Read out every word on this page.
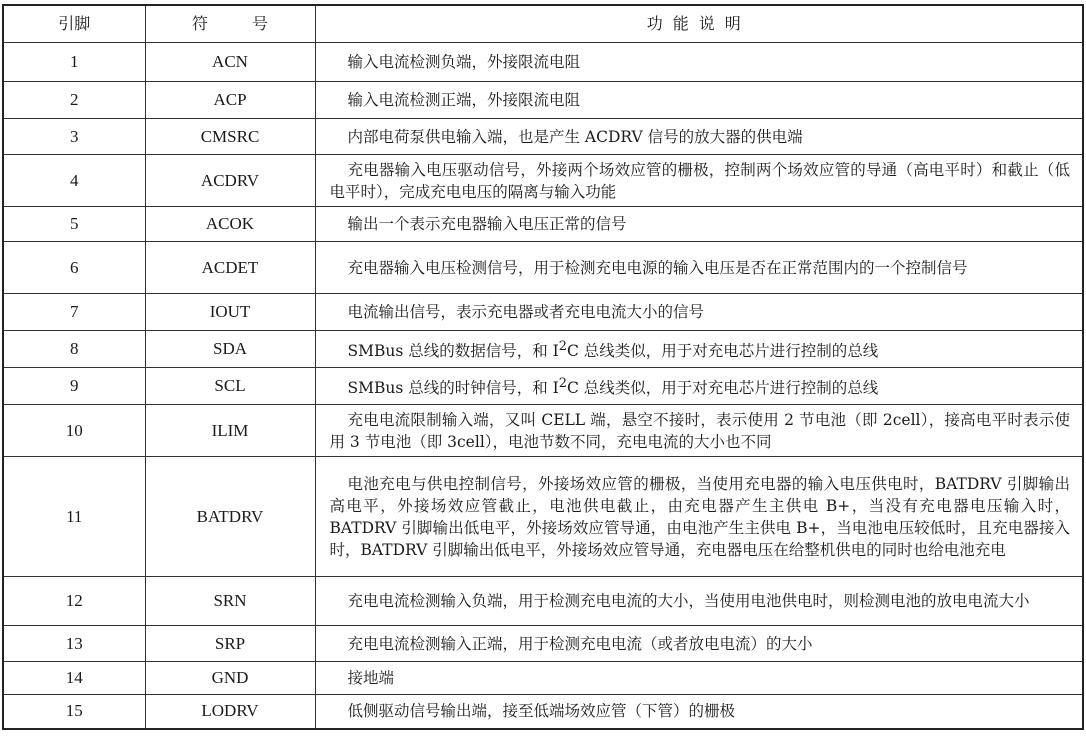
引脚	符 号	功能说明
1	ACN	输入电流检测负端，外接限流电阻

2	ACP	输入电流检测正端，外接限流电阻

3	CMSRC	内部电荷泵供电输入端，也是产生 ACDRV 信号的放大器的供电端

4	ACDRV	充电器输入电压驱动信号，外接两个场效应管的栅极，控制两个场效应管的导通（高电平时）和截止（低电平时），完成充电电压的隔离与输入功能

5	ACOK	输出一个表示充电器输入电压正常的信号

6	ACDET	充电器输入电压检测信号，用于检测充电电源的输入电压是否在正常范围内的一个控制信号

7	IOUT	电流输出信号，表示充电器或者充电电流大小的信号

8	SDA	SMBus 总线的数据信号，和 $I^2C$ 总线类似，用于对充电芯片进行控制的总线

9	SCL	SMBus 总线的时钟信号，和 $I^2C$ 总线类似，用于对充电芯片进行控制的总线

10	ILIM	充电电流限制输入端，又叫 CELL 端，悬空不接时，表示使用 2 节电池（即 2cell），接高电平时表示使用 3 节电池（即 3cell），电池节数不同，充电电流的大小也不同

11	BATDRV	电池充电与供电控制信号，外接场效应管的栅极，当使用充电器的输入电压供电时，BATDRV 引脚输出高电平，外接场效应管截止，电池供电截止，由充电器产生主供电 B+，当没有充电器电压输入时，BATDRV 引脚输出低电平，外接场效应管导通，由电池产生主供电 B+，当电池电压较低时，且充电器接入时，BATDRV 引脚输出低电平，外接场效应管导通，充电器电压在给整机供电的同时也给电池充电

12	SRN	充电电流检测输入负端，用于检测充电电流的大小，当使用电池供电时，则检测电池的放电电流大小

13	SRP	充电电流检测输入正端，用于检测充电电流（或者放电电流）的大小

14	GND	接地端

15	LODRV	低侧驱动信号输出端，接至低端场效应管（下管）的栅极
